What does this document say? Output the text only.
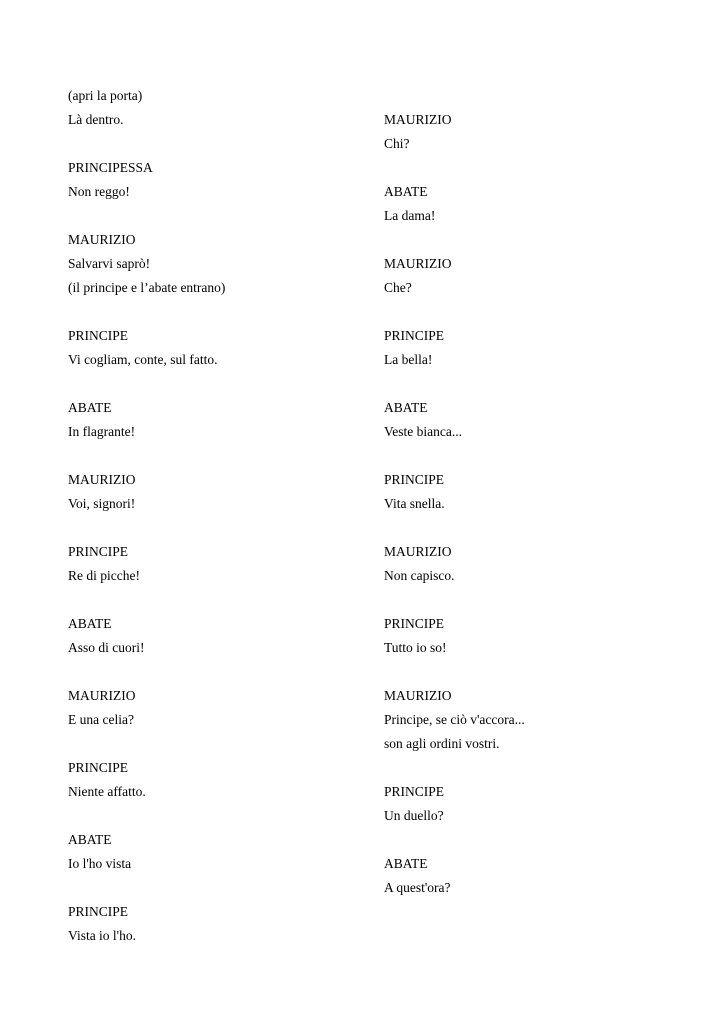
(apri la porta)
Là dentro.
PRINCIPESSA
Non reggo!
MAURIZIO
Salvarvi saprò!
(il principe e l’abate entrano)
PRINCIPE
Vi cogliam, conte, sul fatto.
ABATE
In flagrante!
MAURIZIO
Voi, signori!
PRINCIPE
Re di picche!
ABATE
Asso di cuori!
MAURIZIO
E una celia?
PRINCIPE
Niente affatto.
ABATE
Io l'ho vista
PRINCIPE
Vista io l'ho.
MAURIZIO
Chi?
ABATE
La dama!
MAURIZIO
Che?
PRINCIPE
La bella!
ABATE
Veste bianca...
PRINCIPE
Vita snella.
MAURIZIO
Non capisco.
PRINCIPE
Tutto io so!
MAURIZIO
Principe, se ciò v'accora...
son agli ordini vostri.
PRINCIPE
Un duello?
ABATE
A quest'ora?
